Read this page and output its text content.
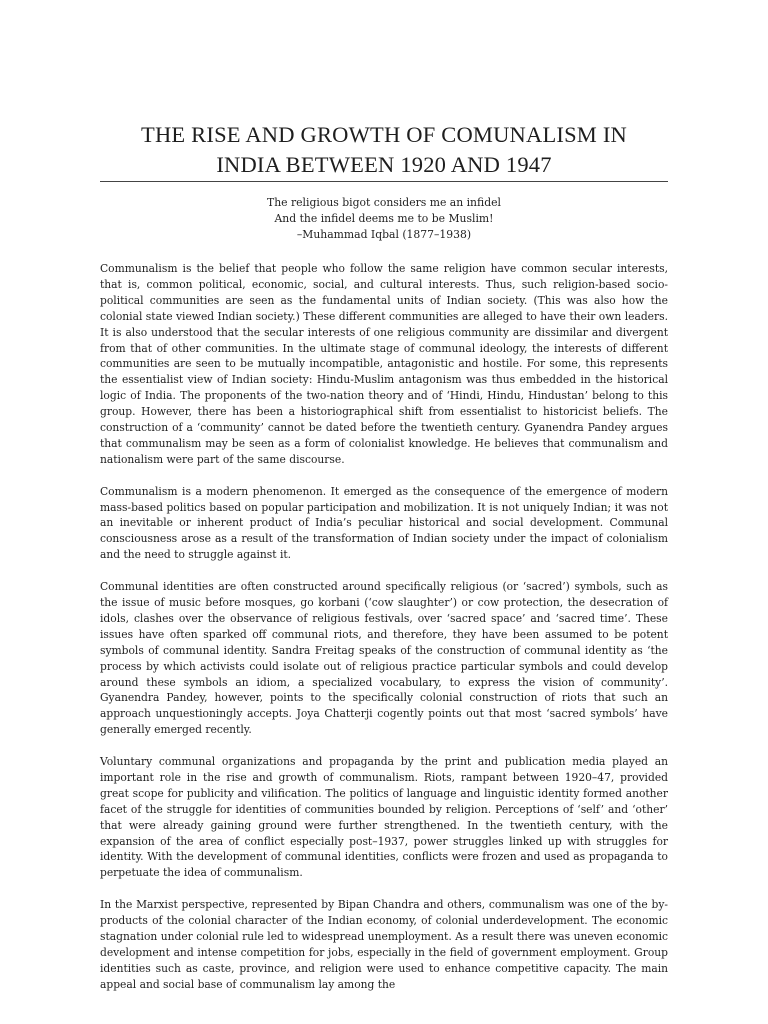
THE RISE AND GROWTH OF COMUNALISM IN
INDIA BETWEEN 1920 AND 1947
The religious bigot considers me an infidel
And the infidel deems me to be Muslim!
–Muhammad Iqbal (1877–1938)

Communalism is the belief that people who follow the same religion have common secular interests, that is, common political, economic, social, and cultural interests. Thus, such religion-based socio-political communities are seen as the fundamental units of Indian society. (This was also how the colonial state viewed Indian society.) These different communities are alleged to have their own leaders. It is also understood that the secular interests of one religious community are dissimilar and divergent from that of other communities. In the ultimate stage of communal ideology, the interests of different communities are seen to be mutually incompatible, antagonistic and hostile. For some, this represents the essentialist view of Indian society: Hindu-Muslim antagonism was thus embedded in the historical logic of India. The proponents of the two-nation theory and of ‘Hindi, Hindu, Hindustan’ belong to this group. However, there has been a historiographical shift from essentialist to historicist beliefs. The construction of a ‘community’ cannot be dated before the twentieth century. Gyanendra Pandey argues that communalism may be seen as a form of colonialist knowledge. He believes that communalism and nationalism were part of the same discourse.

Communalism is a modern phenomenon. It emerged as the consequence of the emergence of modern mass-based politics based on popular participation and mobilization. It is not uniquely Indian; it was not an inevitable or inherent product of India’s peculiar historical and social development. Communal consciousness arose as a result of the transformation of Indian society under the impact of colonialism and the need to struggle against it.

Communal identities are often constructed around specifically religious (or ‘sacred’) symbols, such as the issue of music before mosques, go korbani (‘cow slaughter’) or cow protection, the desecration of idols, clashes over the observance of religious festivals, over ‘sacred space’ and ‘sacred time’. These issues have often sparked off communal riots, and therefore, they have been assumed to be potent symbols of communal identity. Sandra Freitag speaks of the construction of communal identity as ‘the process by which activists could isolate out of religious practice particular symbols and could develop around these symbols an idiom, a specialized vocabulary, to express the vision of community’. Gyanendra Pandey, however, points to the specifically colonial construction of riots that such an approach unquestioningly accepts. Joya Chatterji cogently points out that most ‘sacred symbols’ have generally emerged recently.

Voluntary communal organizations and propaganda by the print and publication media played an important role in the rise and growth of communalism. Riots, rampant between 1920–47, provided great scope for publicity and vilification. The politics of language and linguistic identity formed another facet of the struggle for identities of communities bounded by religion. Perceptions of ‘self’ and ‘other’ that were already gaining ground were further strengthened. In the twentieth century, with the expansion of the area of conflict especially post–1937, power struggles linked up with struggles for identity. With the development of communal identities, conflicts were frozen and used as propaganda to perpetuate the idea of communalism.

In the Marxist perspective, represented by Bipan Chandra and others, communalism was one of the by-products of the colonial character of the Indian economy, of colonial underdevelopment. The economic stagnation under colonial rule led to widespread unemployment. As a result there was uneven economic development and intense competition for jobs, especially in the field of government employment. Group identities such as caste, province, and religion were used to enhance competitive capacity. The main appeal and social base of communalism lay among the
